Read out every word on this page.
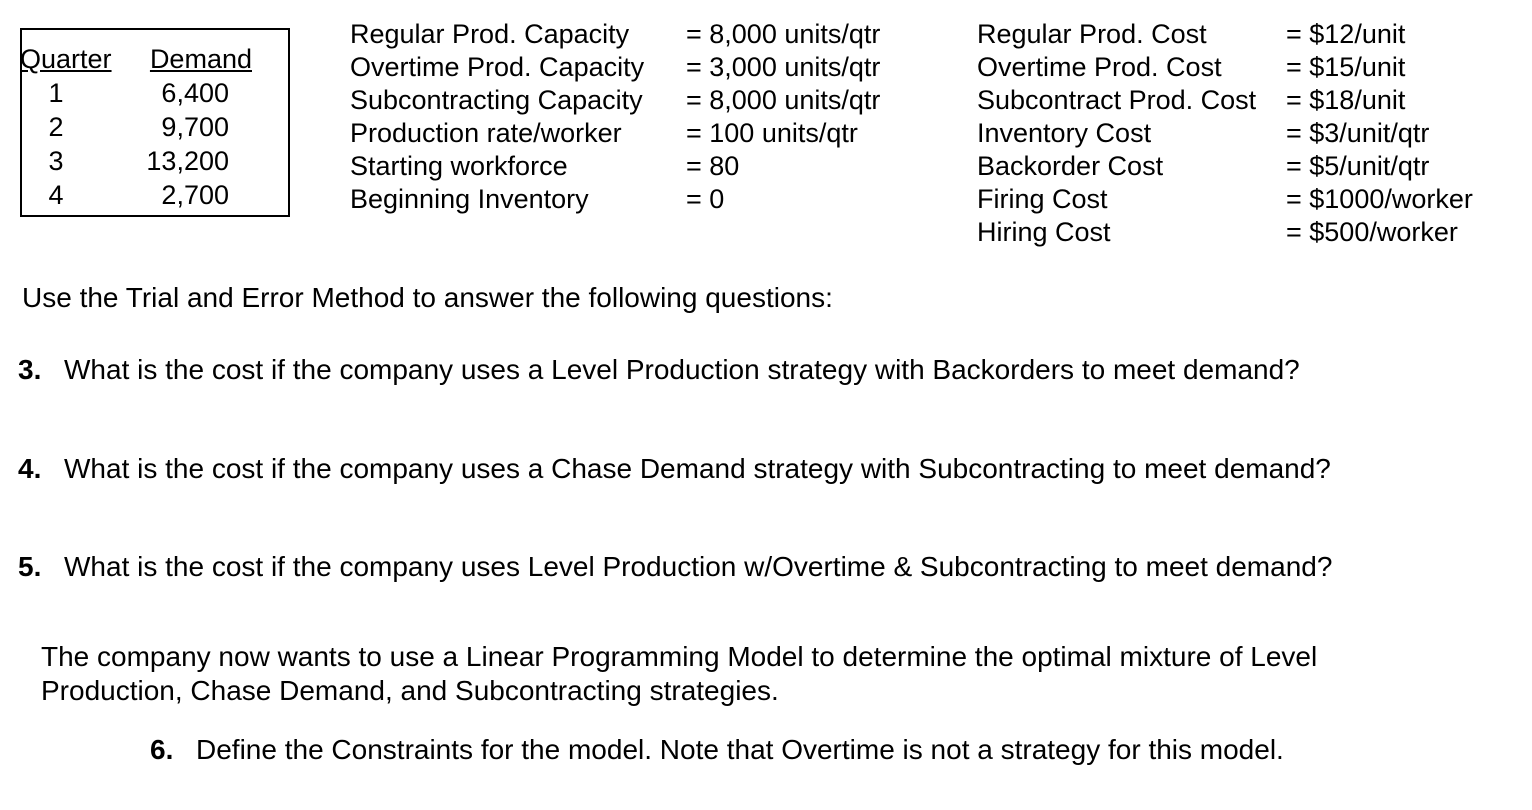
Quarter	Demand
1	6,400
2	9,700
3	13,200
4	2,700
Regular Prod. Capacity	= 8,000 units/qtr
Overtime Prod. Capacity	= 3,000 units/qtr
Subcontracting Capacity	= 8,000 units/qtr
Production rate/worker	= 100 units/qtr
Starting workforce	= 80
Beginning Inventory	= 0
Regular Prod. Cost	= $12/unit
Overtime Prod. Cost	= $15/unit
Subcontract Prod. Cost	= $18/unit
Inventory Cost	= $3/unit/qtr
Backorder Cost	= $5/unit/qtr
Firing Cost	= $1000/worker
Hiring Cost	= $500/worker
Use the Trial and Error Method to answer the following questions:
3. What is the cost if the company uses a Level Production strategy with Backorders to meet demand?
4. What is the cost if the company uses a Chase Demand strategy with Subcontracting to meet demand?
5. What is the cost if the company uses Level Production w/Overtime & Subcontracting to meet demand?
The company now wants to use a Linear Programming Model to determine the optimal mixture of Level
Production, Chase Demand, and Subcontracting strategies.
6. Define the Constraints for the model. Note that Overtime is not a strategy for this model.
